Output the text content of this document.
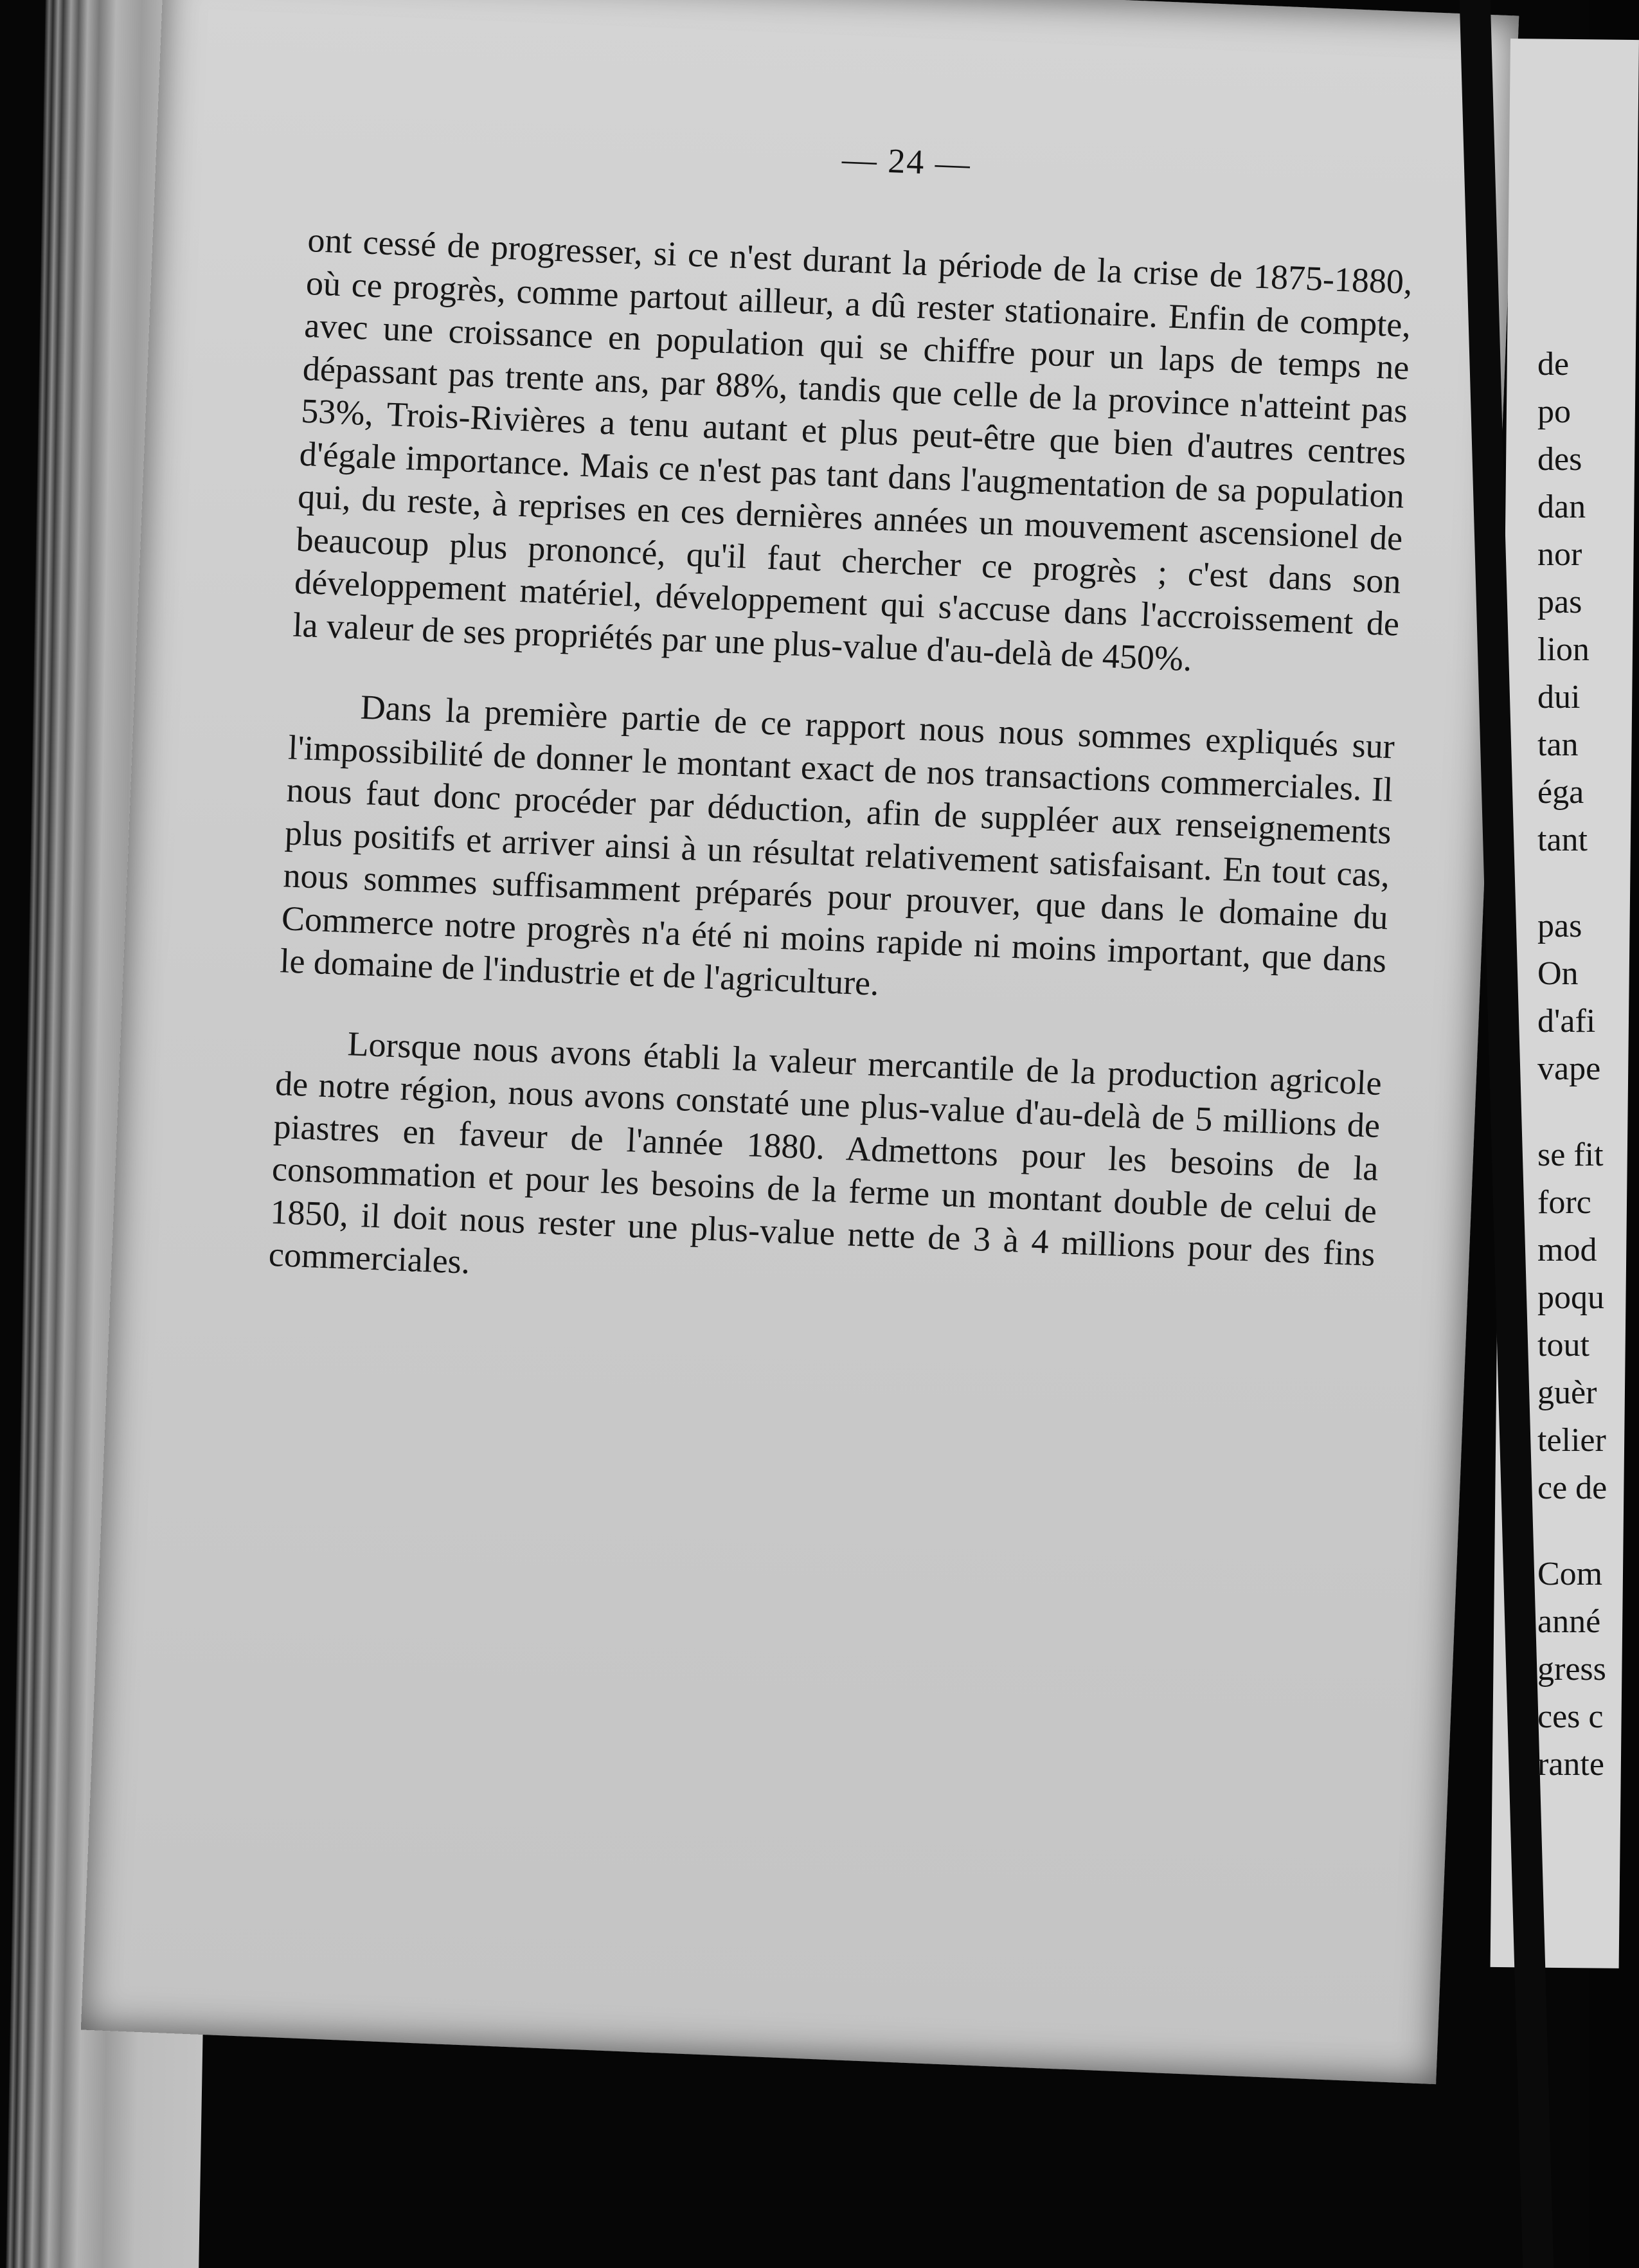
— 24 —

ont cessé de progresser, si ce n'est durant la période de la crise de 1875-1880, où ce progrès, comme partout ailleur, a dû rester stationaire. Enfin de compte, avec une croissance en population qui se chiffre pour un laps de temps ne dépassant pas trente ans, par 88%, tandis que celle de la province n'atteint pas 53%, Trois-Rivières a tenu autant et plus peut-être que bien d'autres centres d'égale importance. Mais ce n'est pas tant dans l'augmentation de sa population qui, du reste, à reprises en ces dernières années un mouvement ascensionel de beaucoup plus prononcé, qu'il faut chercher ce progrès ; c'est dans son développement matériel, développement qui s'accuse dans l'accroissement de la valeur de ses propriétés par une plus-value d'au-delà de 450%.

Dans la première partie de ce rapport nous nous sommes expliqués sur l'impossibilité de donner le montant exact de nos transactions commerciales. Il nous faut donc procéder par déduction, afin de suppléer aux renseignements plus positifs et arriver ainsi à un résultat relativement satisfaisant. En tout cas, nous sommes suffisamment préparés pour prouver, que dans le domaine du Commerce notre progrès n'a été ni moins rapide ni moins important, que dans le domaine de l'industrie et de l'agriculture.

Lorsque nous avons établi la valeur mercantile de la production agricole de notre région, nous avons constaté une plus-value d'au-delà de 5 millions de piastres en faveur de l'année 1880. Admettons pour les besoins de la consommation et pour les besoins de la ferme un montant double de celui de 1850, il doit nous rester une plus-value nette de 3 à 4 millions pour des fins commerciales.

de
po
des
dan
nor
pas
lion
dui
tan
éga
tant
pas
On
d'afi
vape
se fit
forc
mod
poqu
tout
guèr
telier
ce de
Com
anné
gress
ces c
rante
